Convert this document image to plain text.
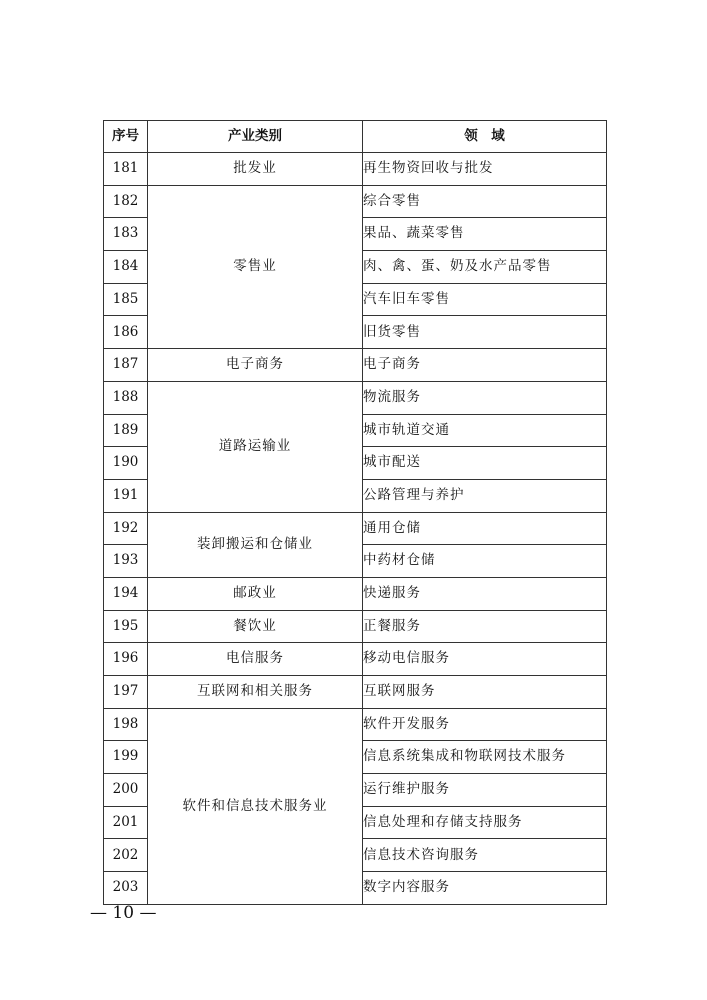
序号	产业类别	领　域
181	批发业	再生物资回收与批发
182	零售业	综合零售
183		果品、蔬菜零售
184		肉、禽、蛋、奶及水产品零售
185		汽车旧车零售
186		旧货零售
187	电子商务	电子商务
188	道路运输业	物流服务
189		城市轨道交通
190		城市配送
191		公路管理与养护
192	装卸搬运和仓储业	通用仓储
193		中药材仓储
194	邮政业	快递服务
195	餐饮业	正餐服务
196	电信服务	移动电信服务
197	互联网和相关服务	互联网服务
198	软件和信息技术服务业	软件开发服务
199		信息系统集成和物联网技术服务
200		运行维护服务
201		信息处理和存储支持服务
202		信息技术咨询服务
203		数字内容服务
— 10 —
